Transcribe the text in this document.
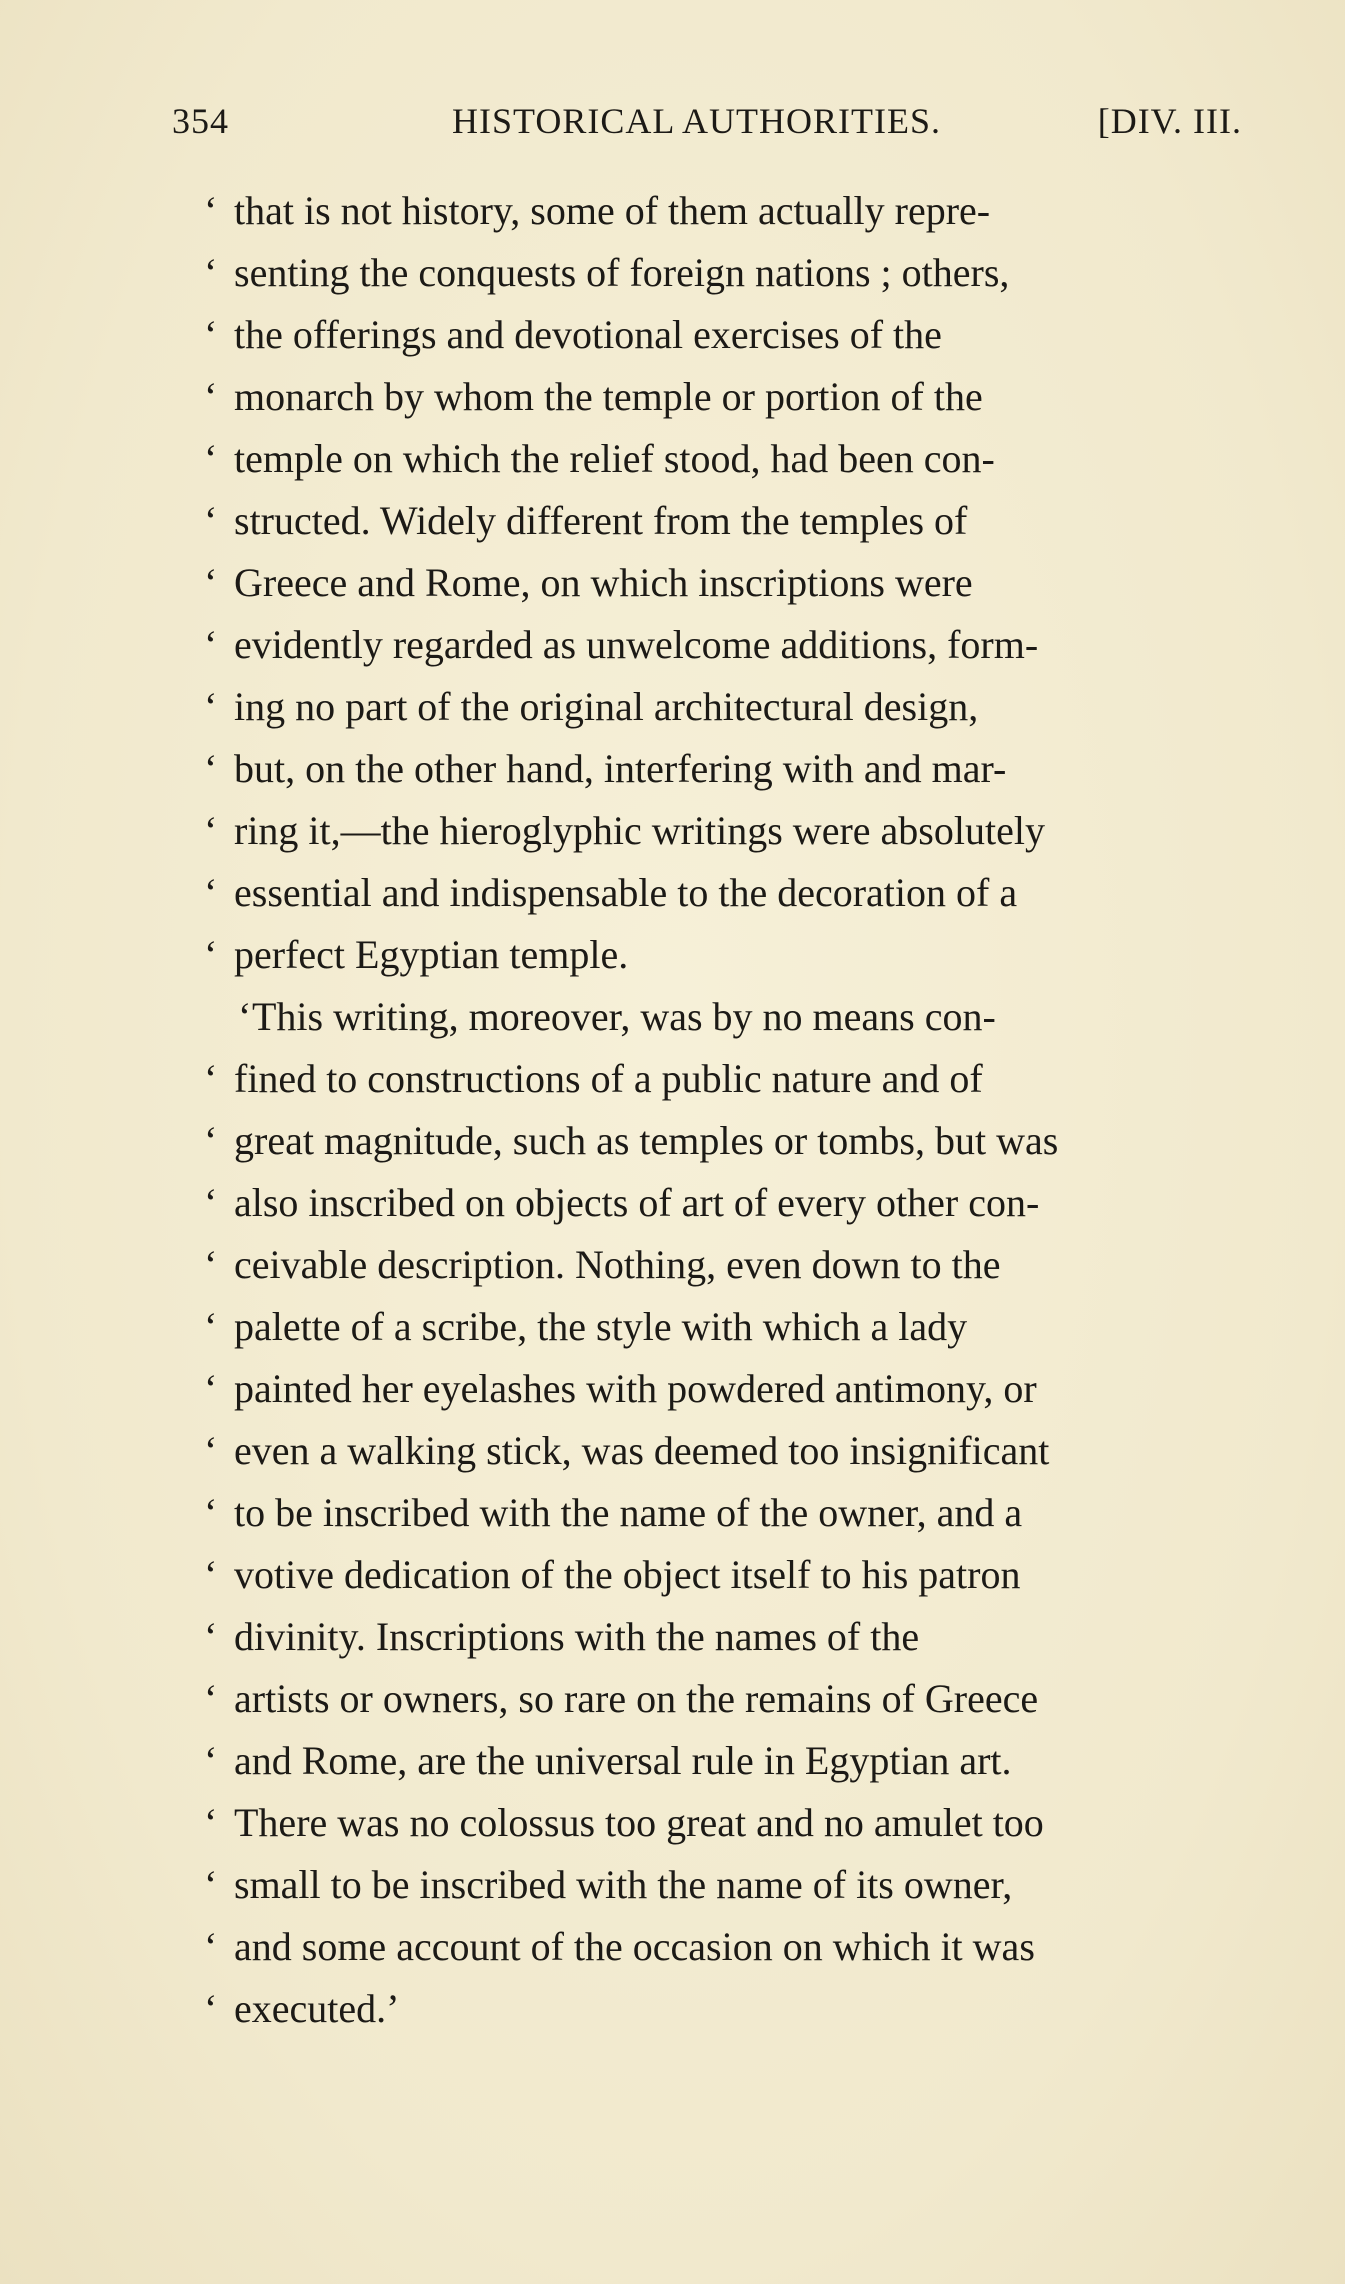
354	HISTORICAL AUTHORITIES.	[DIV. III.
‘ that is not history, some of them actually repre-
‘ senting the conquests of foreign nations ; others,
‘ the offerings and devotional exercises of the
‘ monarch by whom the temple or portion of the
‘ temple on which the relief stood, had been con-
‘ structed. Widely different from the temples of
‘ Greece and Rome, on which inscriptions were
‘ evidently regarded as unwelcome additions, form-
‘ ing no part of the original architectural design,
‘ but, on the other hand, interfering with and mar-
‘ ring it,—the hieroglyphic writings were absolutely
‘ essential and indispensable to the decoration of a
‘ perfect Egyptian temple.
‘ This writing, moreover, was by no means con-
‘ fined to constructions of a public nature and of
‘ great magnitude, such as temples or tombs, but was
‘ also inscribed on objects of art of every other con-
‘ ceivable description. Nothing, even down to the
‘ palette of a scribe, the style with which a lady
‘ painted her eyelashes with powdered antimony, or
‘ even a walking stick, was deemed too insignificant
‘ to be inscribed with the name of the owner, and a
‘ votive dedication of the object itself to his patron
‘ divinity. Inscriptions with the names of the
‘ artists or owners, so rare on the remains of Greece
‘ and Rome, are the universal rule in Egyptian art.
‘ There was no colossus too great and no amulet too
‘ small to be inscribed with the name of its owner,
‘ and some account of the occasion on which it was
‘ executed.’
